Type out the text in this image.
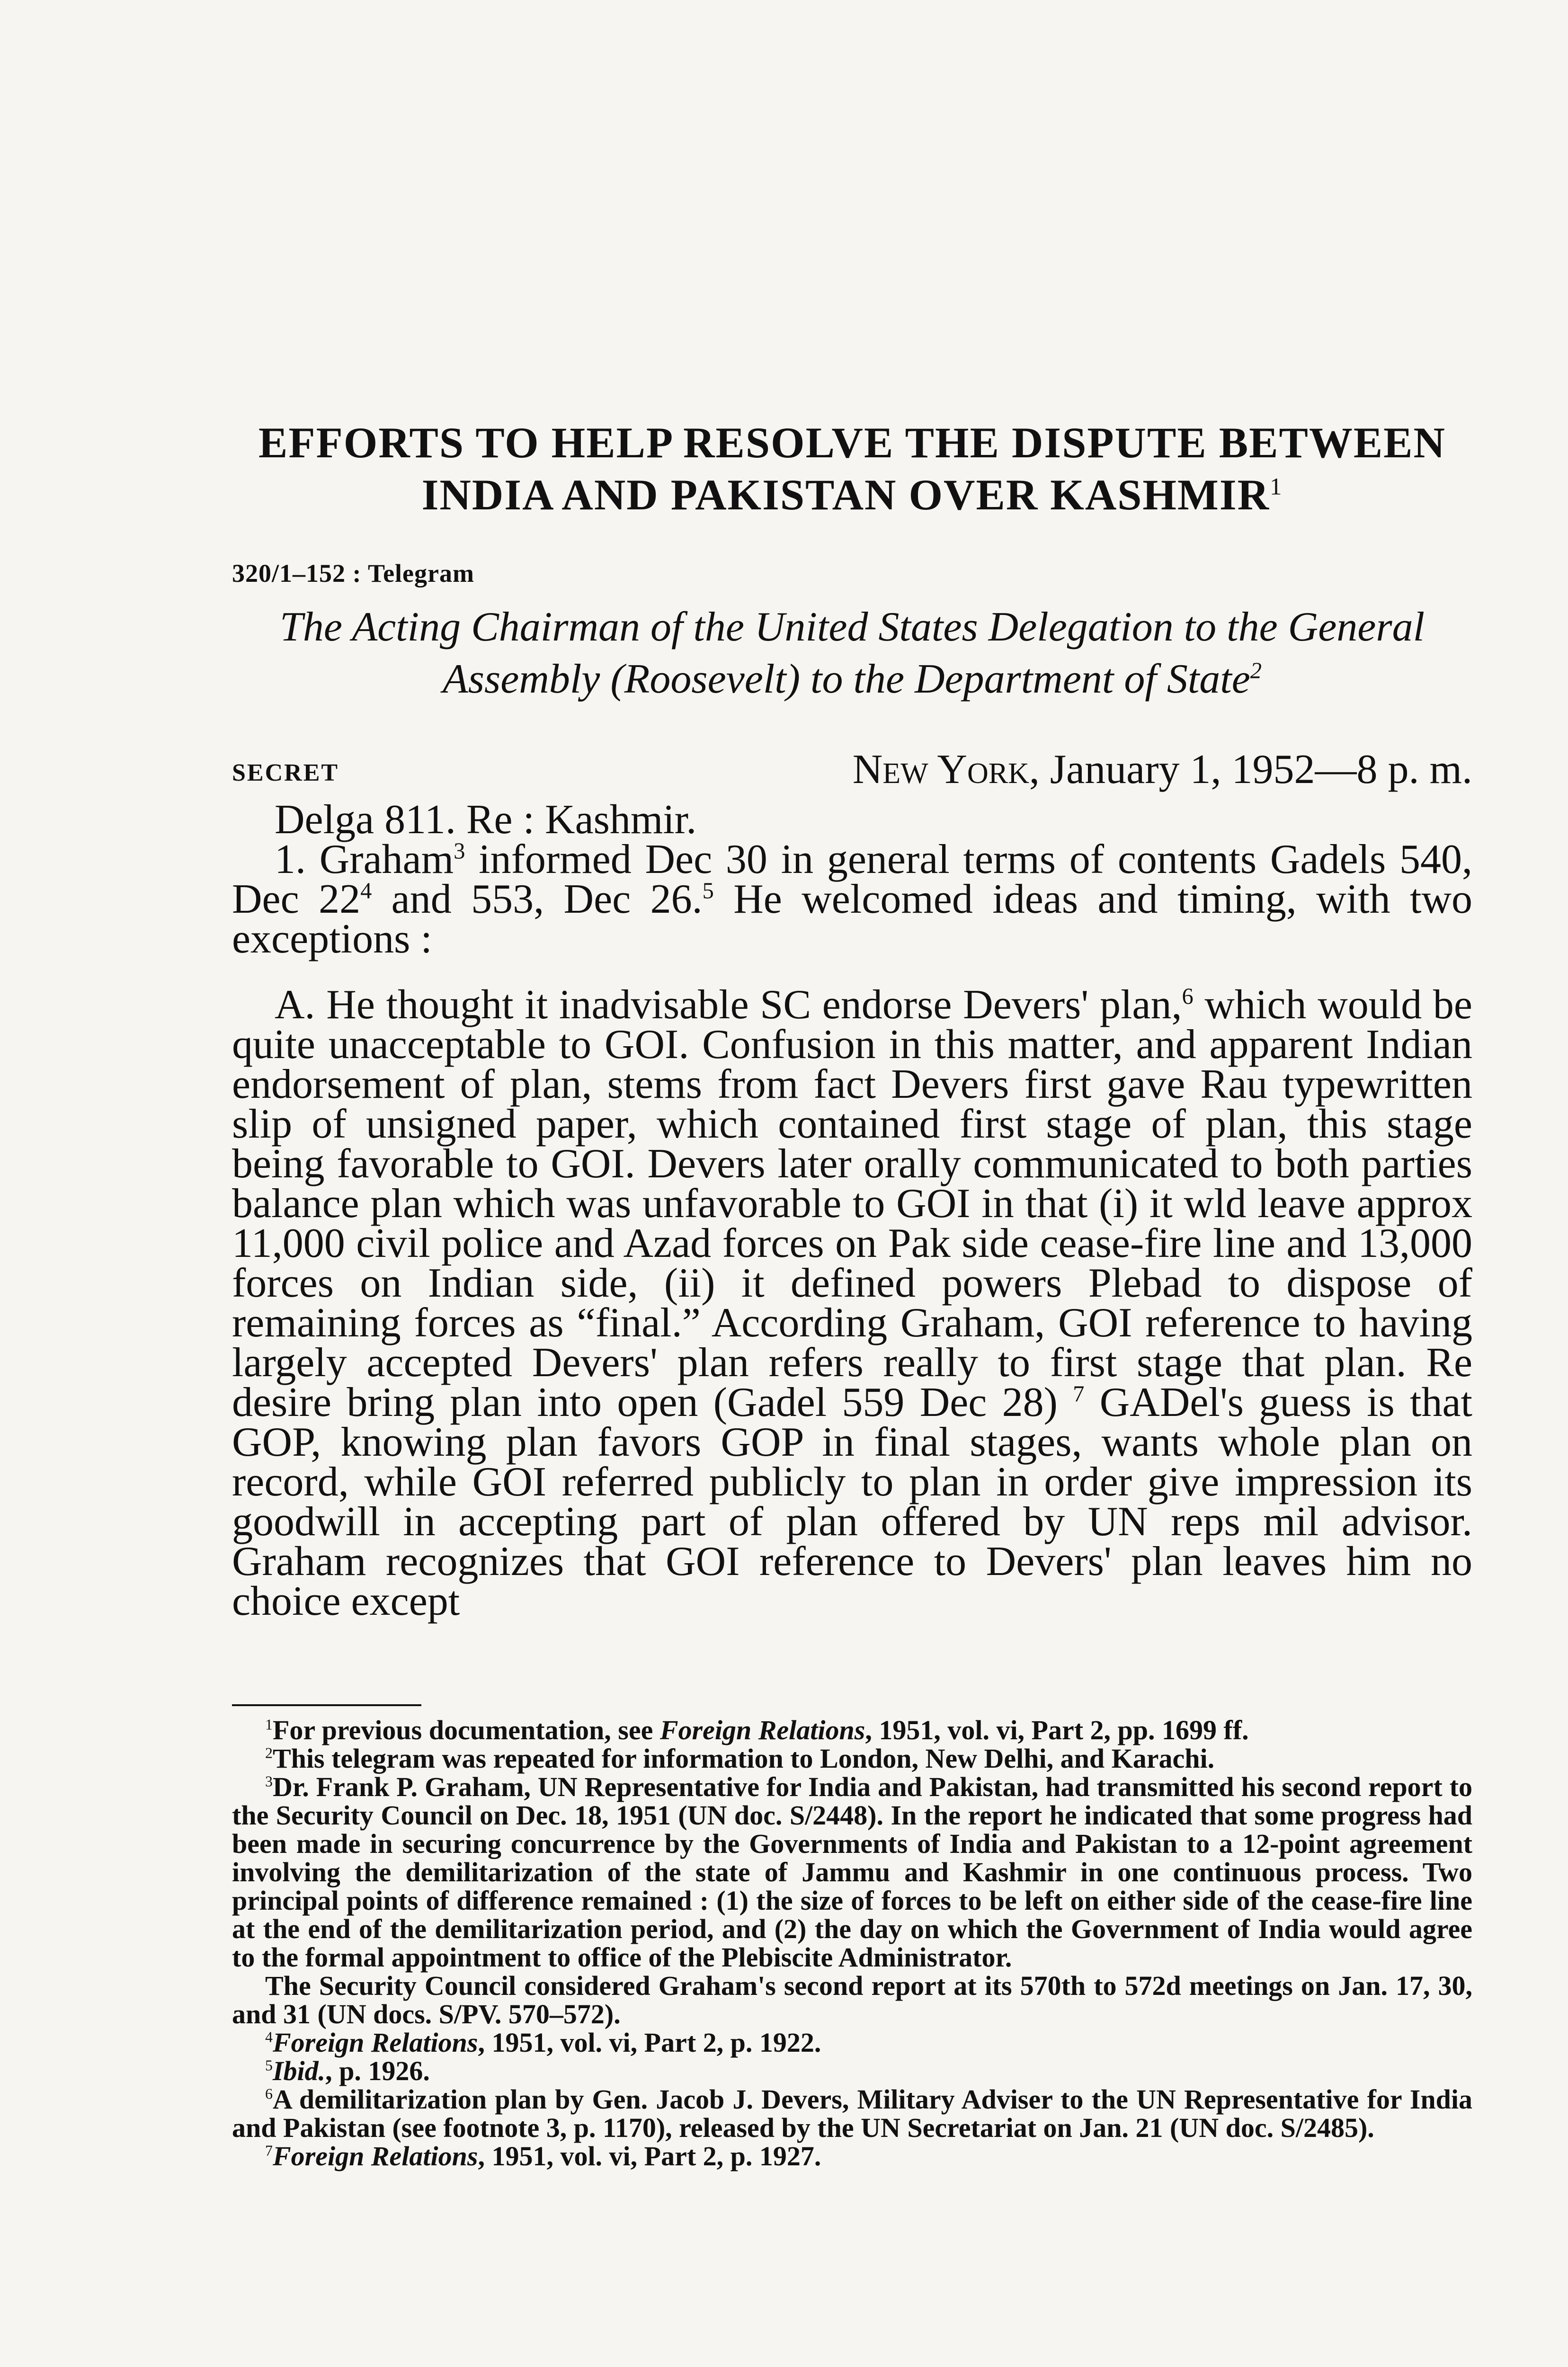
EFFORTS TO HELP RESOLVE THE DISPUTE BETWEEN
INDIA AND PAKISTAN OVER KASHMIR$^1$
320/1–152 : Telegram
The Acting Chairman of the United States Delegation to the General
Assembly (Roosevelt) to the Department of State$^2$
SECRET	New York, January 1, 1952—8 p. m.

Delga 811. Re : Kashmir.

1. Graham$^3$ informed Dec 30 in general terms of contents Gadels 540, Dec $22^4$ and 553, Dec 26.$^5$ He welcomed ideas and timing, with two exceptions :

A. He thought it inadvisable SC endorse Devers' plan,$^6$ which would be quite unacceptable to GOI. Confusion in this matter, and apparent Indian endorsement of plan, stems from fact Devers first gave Rau typewritten slip of unsigned paper, which contained first stage of plan, this stage being favorable to GOI. Devers later orally communicated to both parties balance plan which was unfavorable to GOI in that (i) it wld leave approx 11,000 civil police and Azad forces on Pak side cease-fire line and 13,000 forces on Indian side, (ii) it defined powers Plebad to dispose of remaining forces as “final.” According Graham, GOI reference to having largely accepted Devers' plan refers really to first stage that plan. Re desire bring plan into open (Gadel 559 Dec 28) $^7$ GADel's guess is that GOP, knowing plan favors GOP in final stages, wants whole plan on record, while GOI referred publicly to plan in order give impression its goodwill in accepting part of plan offered by UN reps mil advisor. Graham recognizes that GOI reference to Devers' plan leaves him no choice except

$^1$For previous documentation, see Foreign Relations, 1951, vol. vi, Part 2, pp. 1699 ff.

$^2$This telegram was repeated for information to London, New Delhi, and Karachi.

$^3$Dr. Frank P. Graham, UN Representative for India and Pakistan, had transmitted his second report to the Security Council on Dec. 18, 1951 (UN doc. S/2448). In the report he indicated that some progress had been made in securing concurrence by the Governments of India and Pakistan to a 12-point agreement involving the demilitarization of the state of Jammu and Kashmir in one continuous process. Two principal points of difference remained : (1) the size of forces to be left on either side of the cease-fire line at the end of the demilitarization period, and (2) the day on which the Government of India would agree to the formal appointment to office of the Plebiscite Administrator.

The Security Council considered Graham's second report at its 570th to 572d meetings on Jan. 17, 30, and 31 (UN docs. S/PV. 570–572).

$^4$Foreign Relations, 1951, vol. vi, Part 2, p. 1922.

$^5$Ibid., p. 1926.

$^6$A demilitarization plan by Gen. Jacob J. Devers, Military Adviser to the UN Representative for India and Pakistan (see footnote 3, p. 1170), released by the UN Secretariat on Jan. 21 (UN doc. S/2485).

$^7$Foreign Relations, 1951, vol. vi, Part 2, p. 1927.
